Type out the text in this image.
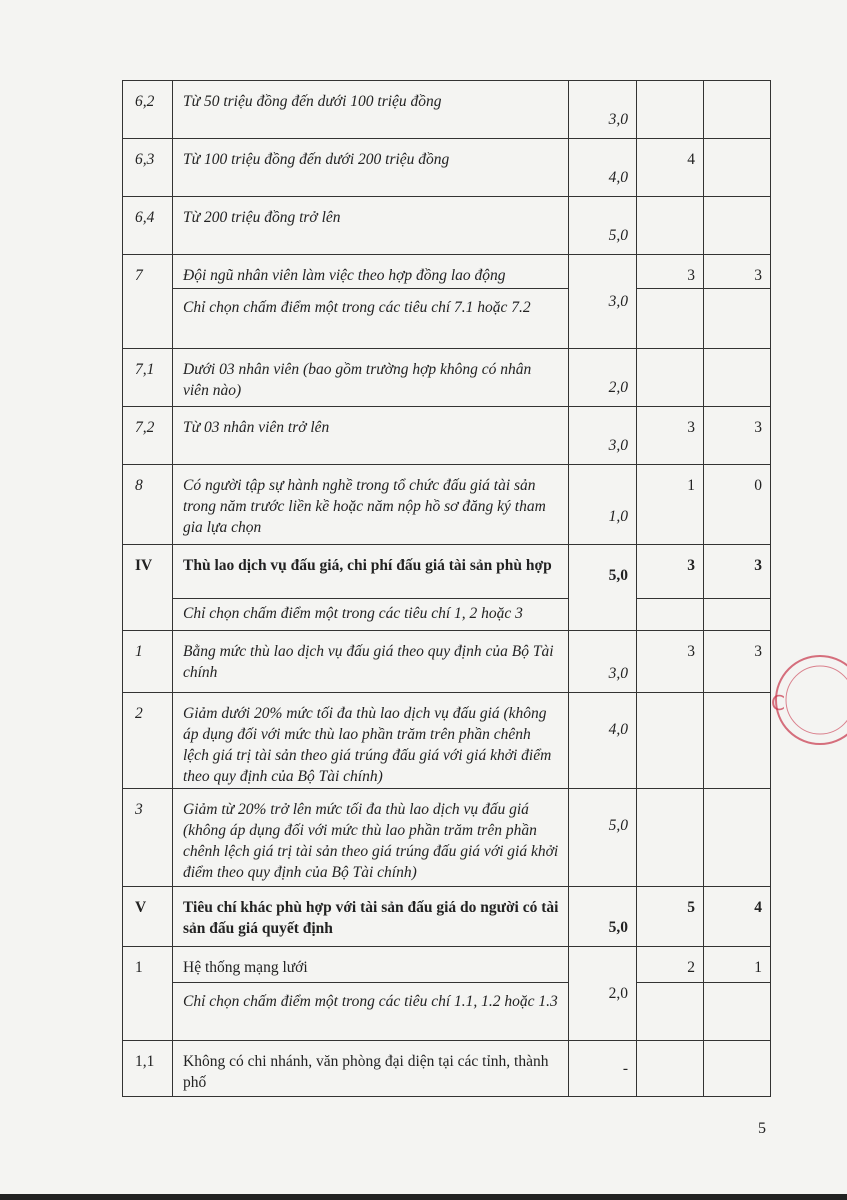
6,2	Từ 50 triệu đồng đến dưới 100 triệu đồng	3,0		
6,3	Từ 100 triệu đồng đến dưới 200 triệu đồng	4,0	4	
6,4	Từ 200 triệu đồng trở lên	5,0		
7	Đội ngũ nhân viên làm việc theo hợp đồng lao động	3,0	3	3
	Chỉ chọn chấm điểm một trong các tiêu chí 7.1 hoặc 7.2			
7,1	Dưới 03 nhân viên (bao gồm trường hợp không có nhân viên nào)	2,0		
7,2	Từ 03 nhân viên trở lên	3,0	3	3
8	Có người tập sự hành nghề trong tổ chức đấu giá tài sản trong năm trước liền kề hoặc năm nộp hồ sơ đăng ký tham gia lựa chọn	1,0	1	0
IV	Thù lao dịch vụ đấu giá, chi phí đấu giá tài sản phù hợp	5,0	3	3
	Chỉ chọn chấm điểm một trong các tiêu chí 1, 2 hoặc 3			
1	Bằng mức thù lao dịch vụ đấu giá theo quy định của Bộ Tài chính	3,0	3	3
2	Giảm dưới 20% mức tối đa thù lao dịch vụ đấu giá (không áp dụng đối với mức thù lao phần trăm trên phần chênh lệch giá trị tài sản theo giá trúng đấu giá với giá khởi điểm theo quy định của Bộ Tài chính)	4,0		
3	Giảm từ 20% trở lên mức tối đa thù lao dịch vụ đấu giá (không áp dụng đối với mức thù lao phần trăm trên phần chênh lệch giá trị tài sản theo giá trúng đấu giá với giá khởi điểm theo quy định của Bộ Tài chính)	5,0		
V	Tiêu chí khác phù hợp với tài sản đấu giá do người có tài sản đấu giá quyết định	5,0	5	4
1	Hệ thống mạng lưới	2,0	2	1
	Chỉ chọn chấm điểm một trong các tiêu chí 1.1, 1.2 hoặc 1.3			
1,1	Không có chi nhánh, văn phòng đại diện tại các tỉnh, thành phố	-		
C
5
